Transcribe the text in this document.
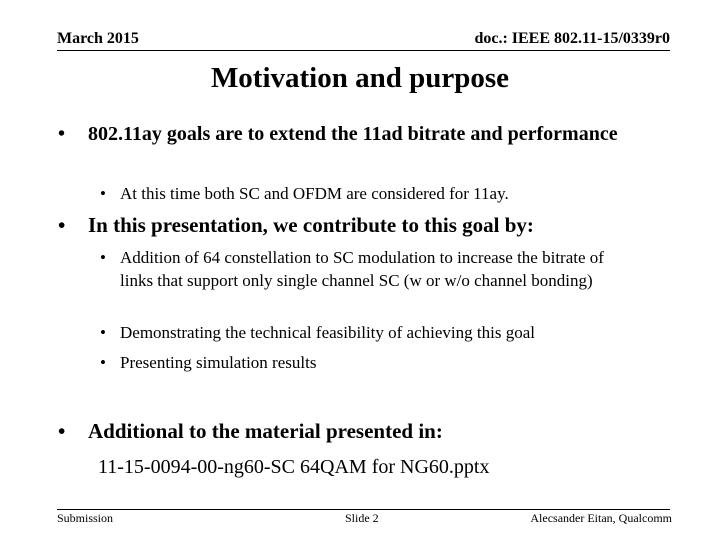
March 2015	doc.: IEEE 802.11-15/0339r0
Motivation and purpose
• 802.11ay goals are to extend the 11ad bitrate and performance
• At this time both SC and OFDM are considered for 11ay.
• In this presentation, we contribute to this goal by:
• Addition of 64 constellation to SC modulation to increase the bitrate of links that support only single channel SC (w or w/o channel bonding)
• Demonstrating the technical feasibility of achieving this goal
• Presenting simulation results
• Additional to the material presented in:
11-15-0094-00-ng60-SC 64QAM for NG60.pptx
Submission	Slide 2	Alecsander Eitan, Qualcomm
